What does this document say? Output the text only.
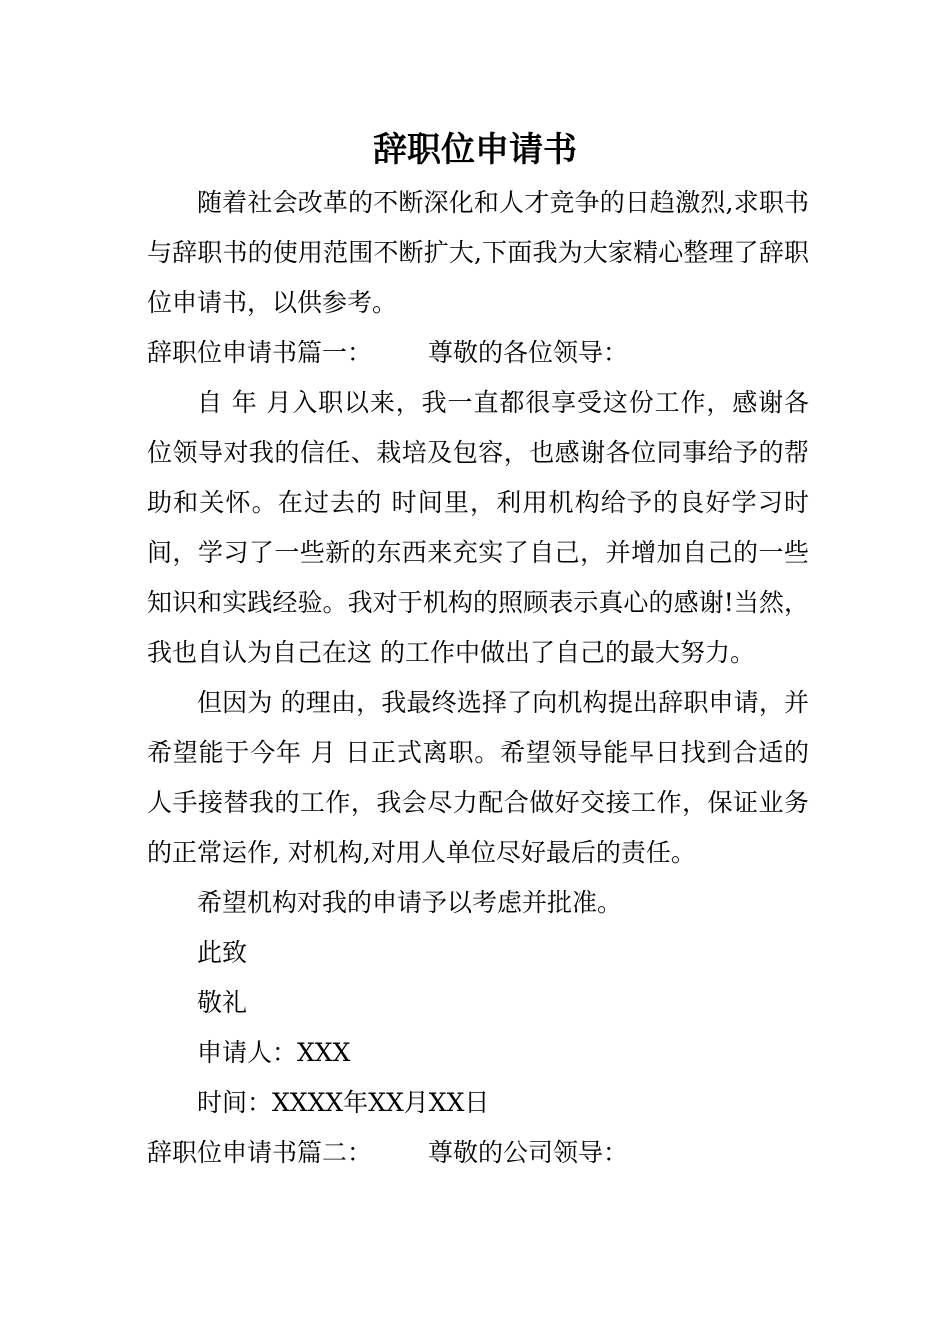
辞职位申请书

随着社会改革的不断深化和人才竞争的日趋激烈,求职书与辞职书的使用范围不断扩大,下面我为大家精心整理了辞职位申请书，以供参考。

辞职位申请书篇一： 尊敬的各位领导：

自 年 月入职以来，我一直都很享受这份工作，感谢各位领导对我的信任、栽培及包容，也感谢各位同事给予的帮助和关怀。在过去的 时间里，利用机构给予的良好学习时间，学习了一些新的东西来充实了自己，并增加自己的一些知识和实践经验。我对于机构的照顾表示真心的感谢!当然，我也自认为自己在这 的工作中做出了自己的最大努力。

但因为 的理由，我最终选择了向机构提出辞职申请，并希望能于今年 月 日正式离职。希望领导能早日找到合适的人手接替我的工作，我会尽力配合做好交接工作，保证业务的正常运作, 对机构,对用人单位尽好最后的责任。

希望机构对我的申请予以考虑并批准。

此致

敬礼

申请人：XXX

时间：XXXX年XX月XX日

辞职位申请书篇二： 尊敬的公司领导：
